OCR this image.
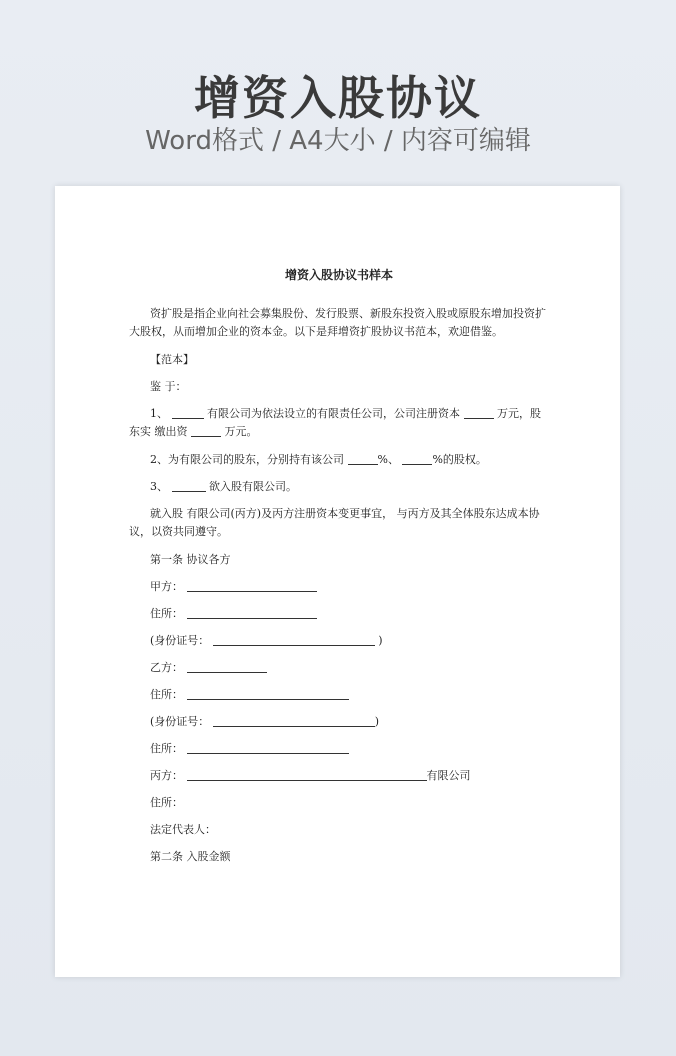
增资入股协议
Word格式 / A4大小 / 内容可编辑
增资入股协议书样本

资扩股是指企业向社会募集股份、发行股票、新股东投资入股或原股东增加投资扩大股权，从而增加企业的资本金。以下是拜增资扩股协议书范本，欢迎借鉴。

【范本】
鉴 于：

1、	有限公司为依法设立的有限责任公司，公司注册资本	万元，股东实 缴出资	万元。

2、为有限公司的股东，分别持有该公司	%、	%的股权。
3、	欲入股有限公司。

就入股 有限公司(丙方)及丙方注册资本变更事宜， 与丙方及其全体股东达成本协议，以资共同遵守。

第一条 协议各方
甲方：
住所：
(身份证号：	)
乙方：
住所：
(身份证号：	)
住所：
丙方：	有限公司
住所：
法定代表人：
第二条 入股金额
